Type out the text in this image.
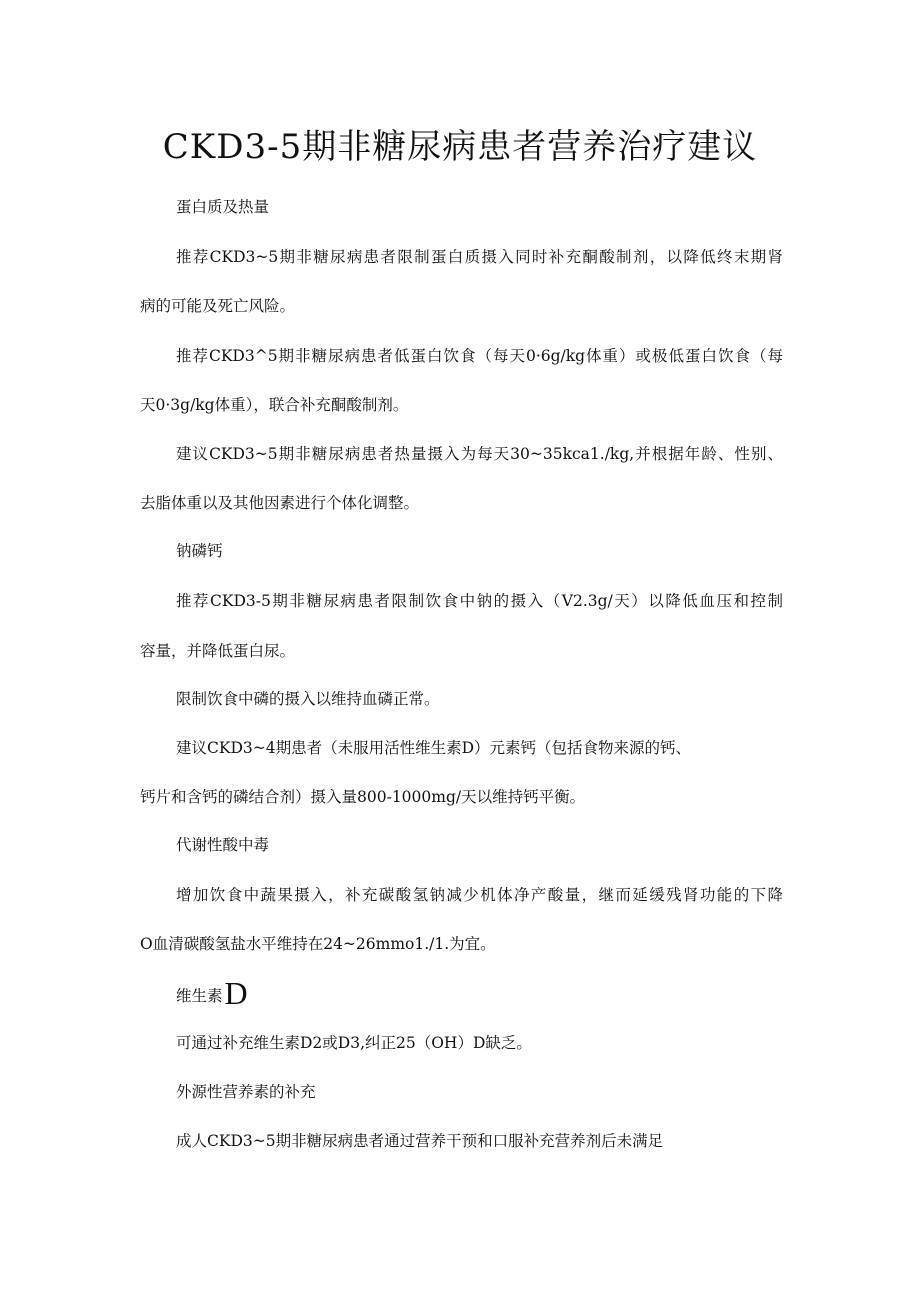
CKD3-5期非糖尿病患者营养治疗建议

蛋白质及热量

推荐CKD3~5期非糖尿病患者限制蛋白质摄入同时补充酮酸制剂，以降低终末期肾

病的可能及死亡风险。

推荐CKD3^5期非糖尿病患者低蛋白饮食（每天0·6g/kg体重）或极低蛋白饮食（每

天0·3g/kg体重），联合补充酮酸制剂。

建议CKD3~5期非糖尿病患者热量摄入为每天30~35kca1./kg,并根据年龄、性别、

去脂体重以及其他因素进行个体化调整。

钠磷钙

推荐CKD3-5期非糖尿病患者限制饮食中钠的摄入（V2.3g/天）以降低血压和控制

容量，并降低蛋白尿。

限制饮食中磷的摄入以维持血磷正常。

建议CKD3~4期患者（未服用活性维生素D）元素钙（包括食物来源的钙、

钙片和含钙的磷结合剂）摄入量800-1000mg/天以维持钙平衡。

代谢性酸中毒

增加饮食中蔬果摄入，补充碳酸氢钠减少机体净产酸量，继而延缓残肾功能的下降

O血清碳酸氢盐水平维持在24~26mmo1./1.为宜。

维生素D

可通过补充维生素D2或D3,纠正25（OH）D缺乏。

外源性营养素的补充

成人CKD3~5期非糖尿病患者通过营养干预和口服补充营养剂后未满足
